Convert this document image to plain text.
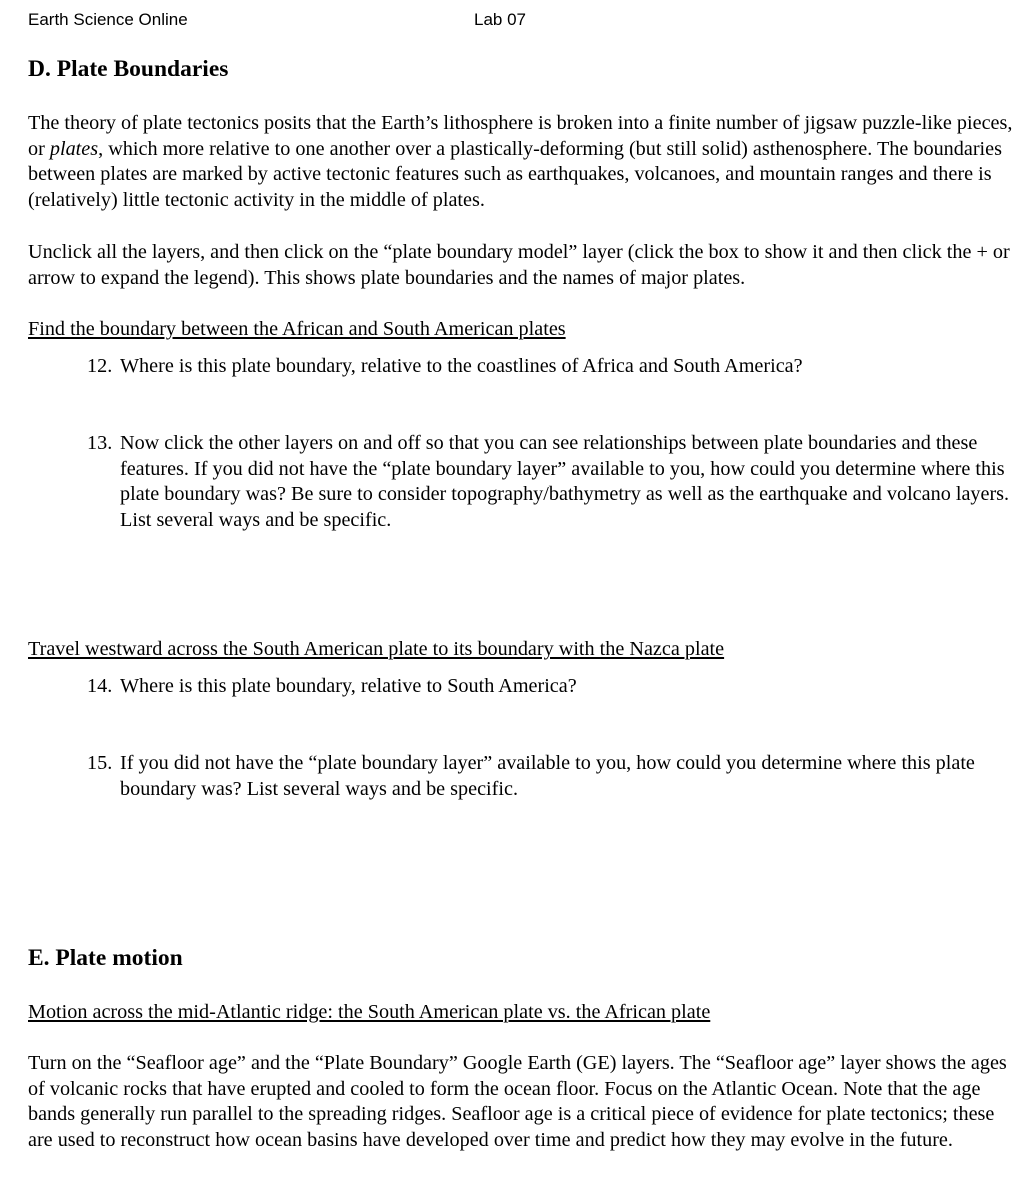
Earth Science Online	Lab 07
D. Plate Boundaries

The theory of plate tectonics posits that the Earth’s lithosphere is broken into a finite number of jigsaw puzzle-like pieces, or plates, which more relative to one another over a plastically-deforming (but still solid) asthenosphere. The boundaries between plates are marked by active tectonic features such as earthquakes, volcanoes, and mountain ranges and there is (relatively) little tectonic activity in the middle of plates.

Unclick all the layers, and then click on the “plate boundary model” layer (click the box to show it and then click the + or arrow to expand the legend). This shows plate boundaries and the names of major plates.

Find the boundary between the African and South American plates
12. Where is this plate boundary, relative to the coastlines of Africa and South America?
13. Now click the other layers on and off so that you can see relationships between plate boundaries and these features. If you did not have the “plate boundary layer” available to you, how could you determine where this plate boundary was? Be sure to consider topography/bathymetry as well as the earthquake and volcano layers. List several ways and be specific.
Travel westward across the South American plate to its boundary with the Nazca plate
14. Where is this plate boundary, relative to South America?
15. If you did not have the “plate boundary layer” available to you, how could you determine where this plate boundary was? List several ways and be specific.
E. Plate motion
Motion across the mid-Atlantic ridge: the South American plate vs. the African plate

Turn on the “Seafloor age” and the “Plate Boundary” Google Earth (GE) layers. The “Seafloor age” layer shows the ages of volcanic rocks that have erupted and cooled to form the ocean floor. Focus on the Atlantic Ocean. Note that the age bands generally run parallel to the spreading ridges. Seafloor age is a critical piece of evidence for plate tectonics; these are used to reconstruct how ocean basins have developed over time and predict how they may evolve in the future.
